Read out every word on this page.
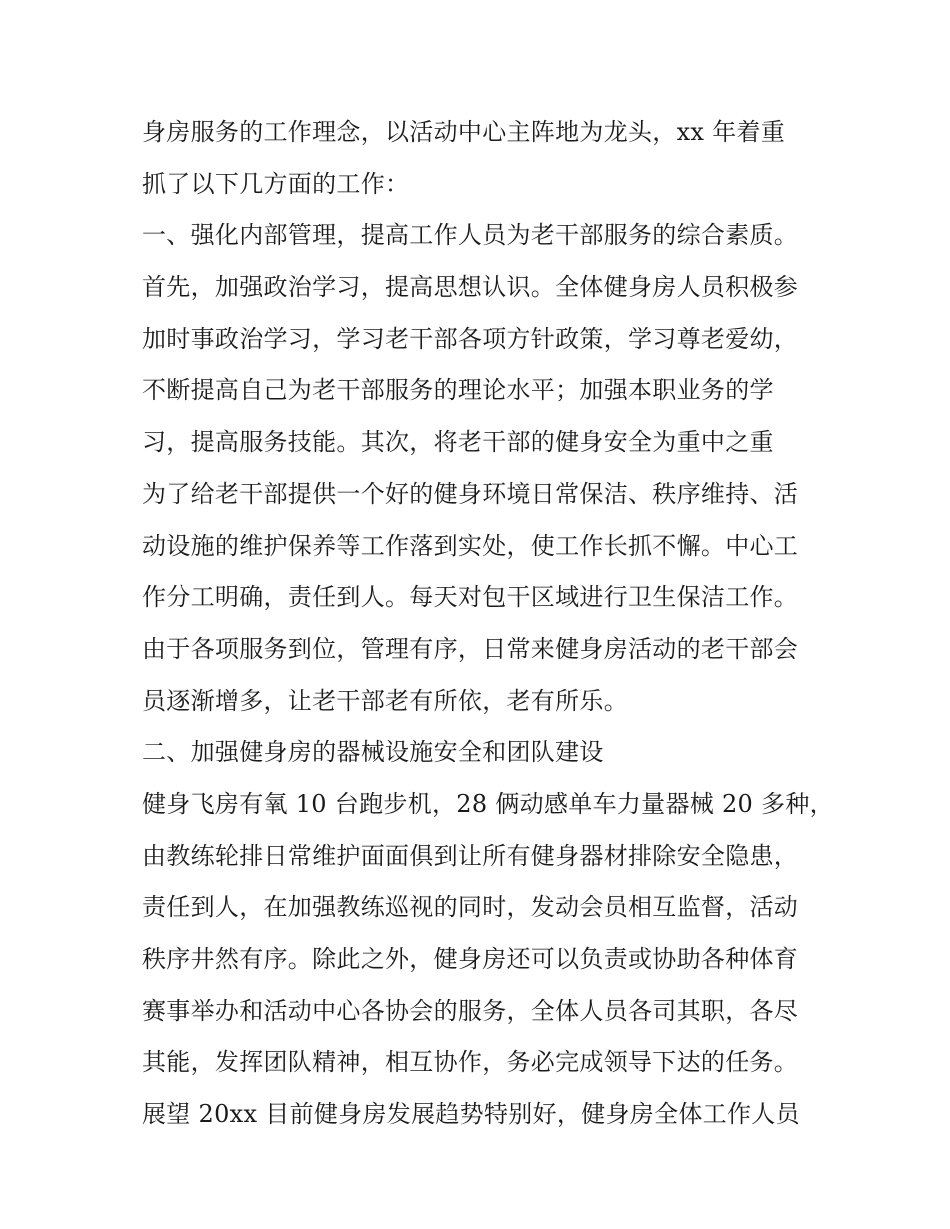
身房服务的工作理念，以活动中心主阵地为龙头，xx 年着重
抓了以下几方面的工作：
一、强化内部管理，提高工作人员为老干部服务的综合素质。
首先，加强政治学习，提高思想认识。全体健身房人员积极参
加时事政治学习，学习老干部各项方针政策，学习尊老爱幼，
不断提高自己为老干部服务的理论水平；加强本职业务的学
习，提高服务技能。其次，将老干部的健身安全为重中之重
为了给老干部提供一个好的健身环境日常保洁、秩序维持、活
动设施的维护保养等工作落到实处，使工作长抓不懈。中心工
作分工明确，责任到人。每天对包干区域进行卫生保洁工作。
由于各项服务到位，管理有序，日常来健身房活动的老干部会
员逐渐增多，让老干部老有所依，老有所乐。
二、加强健身房的器械设施安全和团队建设
健身飞房有氧 10 台跑步机，28 俩动感单车力量器械 20 多种，
由教练轮排日常维护面面俱到让所有健身器材排除安全隐患，
责任到人，在加强教练巡视的同时，发动会员相互监督，活动
秩序井然有序。除此之外，健身房还可以负责或协助各种体育
赛事举办和活动中心各协会的服务，全体人员各司其职，各尽
其能，发挥团队精神，相互协作，务必完成领导下达的任务。
展望 20xx 目前健身房发展趋势特别好，健身房全体工作人员
